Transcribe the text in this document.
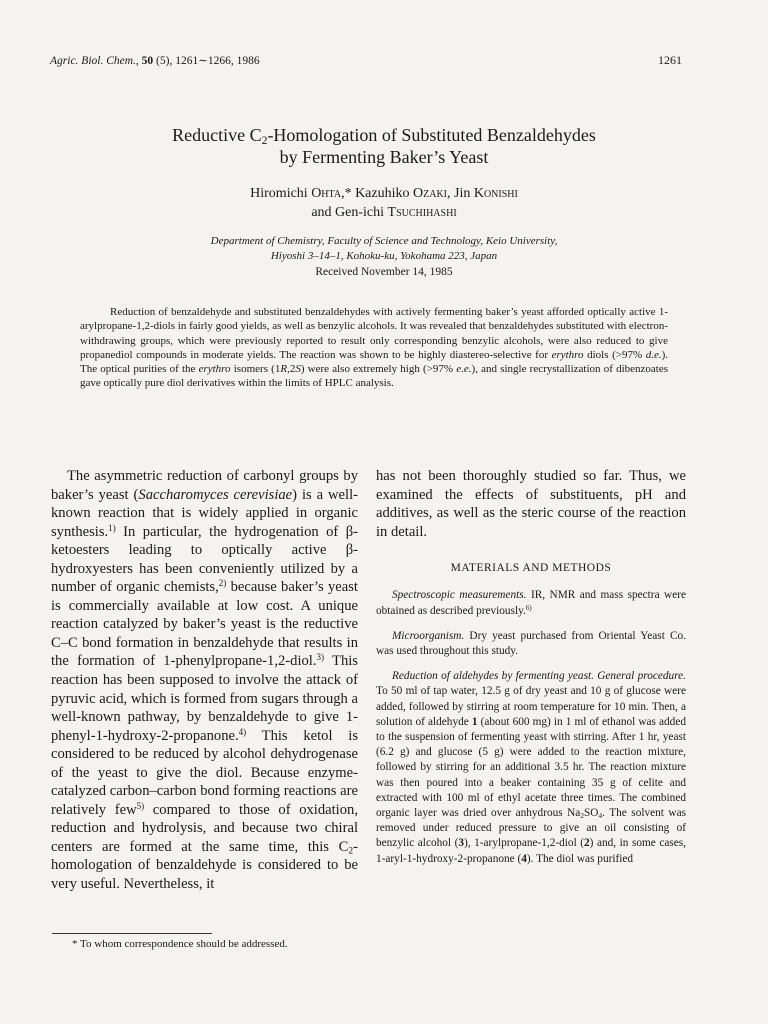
Agric. Biol. Chem., 50 (5), 1261∼1266, 1986	1261
Reductive $C_2$-Homologation of Substituted Benzaldehydes
by Fermenting Baker’s Yeast
Hiromichi Ohta,* Kazuhiko Ozaki, Jin Konishi
and Gen-ichi Tsuchihashi
Department of Chemistry, Faculty of Science and Technology, Keio University,
Hiyoshi 3–14–1, Kohoku-ku, Yokohama 223, Japan
Received November 14, 1985

Reduction of benzaldehyde and substituted benzaldehydes with actively fermenting baker’s yeast afforded optically active 1-arylpropane-1,2-diols in fairly good yields, as well as benzylic alcohols. It was revealed that benzaldehydes substituted with electron-withdrawing groups, which were previously reported to result only corresponding benzylic alcohols, were also reduced to give propanediol compounds in moderate yields. The reaction was shown to be highly diastereo-selective for erythro diols (>97% d.e.). The optical purities of the erythro isomers (1R,2S) were also extremely high (>97% e.e.), and single recrystallization of dibenzoates gave optically pure diol derivatives within the limits of HPLC analysis.

The asymmetric reduction of carbonyl groups by baker’s yeast (Saccharomyces cerevisiae) is a well-known reaction that is widely applied in organic synthesis.$^{1)}$ In particular, the hydrogenation of β-ketoesters leading to optically active β-hydroxyesters has been conveniently utilized by a number of organic chemists,$^{2)}$ because baker’s yeast is commercially available at low cost. A unique reaction catalyzed by baker’s yeast is the reductive C–C bond formation in benzaldehyde that results in the formation of 1-phenylpropane-1,2-diol.$^{3)}$ This reaction has been supposed to involve the attack of pyruvic acid, which is formed from sugars through a well-known pathway, by benzaldehyde to give 1-phenyl-1-hydroxy-2-propanone.$^{4)}$ This ketol is considered to be reduced by alcohol dehydrogenase of the yeast to give the diol. Because enzyme-catalyzed carbon–carbon bond forming reactions are relatively few$^{5)}$ compared to those of oxidation, reduction and hydrolysis, and because two chiral centers are formed at the same time, this $C_2$-homologation of benzaldehyde is considered to be very useful. Nevertheless, it

has not been thoroughly studied so far. Thus, we examined the effects of substituents, pH and additives, as well as the steric course of the reaction in detail.

MATERIALS AND METHODS

Spectroscopic measurements. IR, NMR and mass spectra were obtained as described previously.$^{6)}$

Microorganism. Dry yeast purchased from Oriental Yeast Co. was used throughout this study.

Reduction of aldehydes by fermenting yeast. General procedure. To 50 ml of tap water, 12.5 g of dry yeast and 10 g of glucose were added, followed by stirring at room temperature for 10 min. Then, a solution of aldehyde 1 (about 600 mg) in 1 ml of ethanol was added to the suspension of fermenting yeast with stirring. After 1 hr, yeast (6.2 g) and glucose (5 g) were added to the reaction mixture, followed by stirring for an additional 3.5 hr. The reaction mixture was then poured into a beaker containing 35 g of celite and extracted with 100 ml of ethyl acetate three times. The combined organic layer was dried over anhydrous $Na_2SO_4$. The solvent was removed under reduced pressure to give an oil consisting of benzylic alcohol (3), 1-arylpropane-1,2-diol (2) and, in some cases, 1-aryl-1-hydroxy-2-propanone (4). The diol was purified

* To whom correspondence should be addressed.
